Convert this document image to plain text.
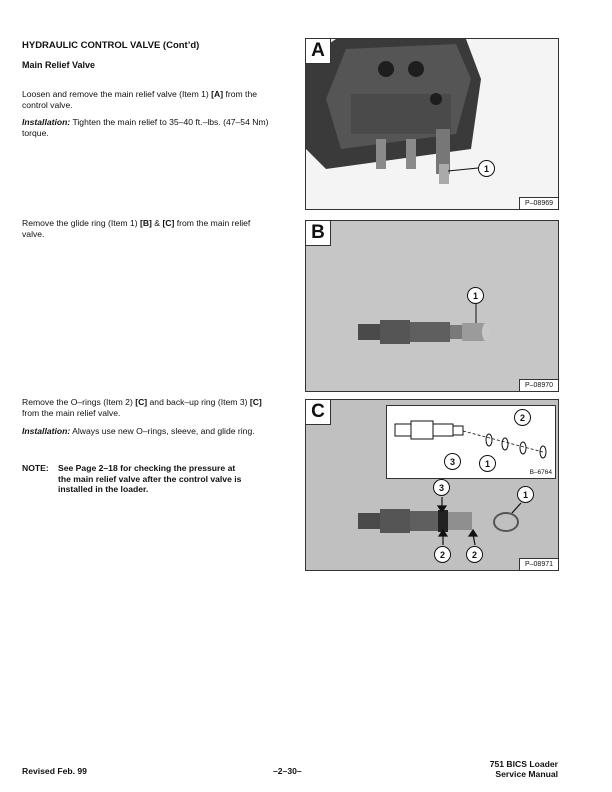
HYDRAULIC CONTROL VALVE (Cont’d)
Main Relief Valve
Loosen and remove the main relief valve (Item 1) [A] from the control valve.
Installation: Tighten the main relief to 35–40 ft.–lbs. (47–54 Nm) torque.
Remove the glide ring (Item 1) [B] & [C] from the main relief valve.
Remove the O–rings (Item 2) [C] and back–up ring (Item 3) [C] from the main relief valve.
Installation: Always use new O–rings, sleeve, and glide ring.
NOTE: See Page 2–18 for checking the pressure at
the main relief valve after the control valve is
installed in the loader.
A
1
P–08969
B
1
P–08970
2
3	1
B–6764
C
3
1
2	2
P–08971
Revised Feb. 99	–2–30–
751 BICS Loader
Service Manual
